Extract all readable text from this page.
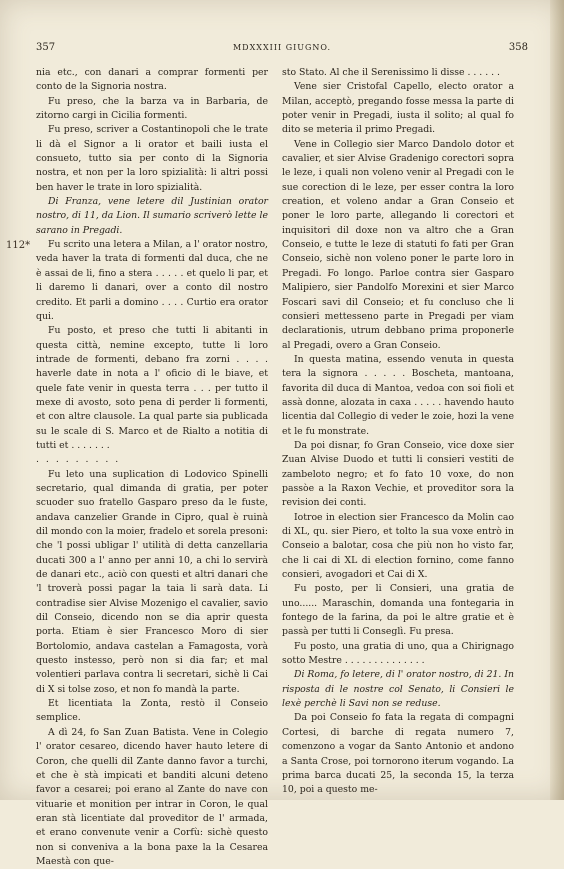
357	MDXXXIII GIUGNO.	358
112*

nia etc., con danari a comprar formenti per conto de la Signoria nostra.

Fu preso, che la barza va in Barbaria, de zitorno cargi in Cicilia formenti.

Fu preso, scriver a Costantinopoli che le trate li dà el Signor a li orator et baili iusta el consueto, tutto sia per conto di la Signoria nostra, et non per la loro spizialità: li altri possi ben haver le trate in loro spizialità.

Di Franza, vene letere dil Justinian orator nostro, di 11, da Lion. Il sumario scriverò lette le sarano in Pregadi.

Fu scrito una letera a Milan, a l' orator nostro, veda haver la trata di formenti dal duca, che ne è assai de li, fino a stera . . . . . et quelo li par, et li daremo li danari, over a conto dil nostro credito. Et parli a domino . . . . Curtio era orator qui.

Fu posto, et preso che tutti li abitanti in questa città, nemine excepto, tutte li loro intrade de formenti, debano fra zorni . . . . haverle date in nota a l' oficio di le biave, et quele fate venir in questa terra . . . per tutto il mexe di avosto, soto pena di perder li formenti, et con altre clausole. La qual parte sia publicada su le scale di S. Marco et de Rialto a notitia di tutti et . . . . . . .

. . . . . . . . .

Fu leto una suplication di Lodovico Spinelli secretario, qual dimanda di gratia, per poter scuoder suo fratello Gasparo preso da le fuste, andava canzelier Grande in Cipro, qual è ruinà dil mondo con la moier, fradelo et sorela presoni: che 'l possi ubligar l' utilità di detta canzellaria ducati 300 a l' anno per anni 10, a chi lo servirà de danari etc., aciò con questi et altri danari che 'l troverà possi pagar la taia li sarà data. Li contradise sier Alvise Mozenigo el cavalier, savio dil Conseio, dicendo non se dia aprir questa porta. Etiam è sier Francesco Moro di sier Bortolomio, andava castelan a Famagosta, vorà questo instesso, però non si dia far; et mal volentieri parlava contra li secretari, sichè li Cai di X si tolse zoso, et non fo mandà la parte.

Et licentiata la Zonta, restò il Conseio semplice.

A dì 24, fo San Zuan Batista. Vene in Colegio l' orator cesareo, dicendo haver hauto letere di Coron, che quelli dil Zante danno favor a turchi, et che è stà impicati et banditi alcuni deteno favor a cesarei; poi erano al Zante do nave con vituarie et monition per intrar in Coron, le qual eran stà licentiate dal proveditor de l' armada, et erano convenute venir a Corfù: sichè questo non si conveniva a la bona paxe la la Cesarea Maestà con que-

sto Stato. Al che il Serenissimo li disse . . . . . .

Vene sier Cristofal Capello, electo orator a Milan, acceptò, pregando fosse messa la parte di poter venir in Pregadi, iusta il solito; al qual fo dito se meteria il primo Pregadi.

Vene in Collegio sier Marco Dandolo dotor et cavalier, et sier Alvise Gradenigo corectori sopra le leze, i quali non voleno venir al Pregadi con le sue corection di le leze, per esser contra la loro creation, et voleno andar a Gran Conseio et poner le loro parte, allegando li corectori et inquisitori dil doxe non va altro che a Gran Conseio, e tutte le leze di statuti fo fati per Gran Conseio, sichè non voleno poner le parte loro in Pregadi. Fo longo. Parloe contra sier Gasparo Malipiero, sier Pandolfo Morexini et sier Marco Foscari savi dil Conseio; et fu concluso che li consieri mettesseno parte in Pregadi per viam declarationis, utrum debbano prima proponerle al Pregadi, overo a Gran Conseio.

In questa matina, essendo venuta in questa tera la signora . . . . . Boscheta, mantoana, favorita dil duca di Mantoa, vedoa con soi fioli et assà donne, alozata in caxa . . . . . havendo hauto licentia dal Collegio di veder le zoie, hozi la vene et le fu monstrate.

Da poi disnar, fo Gran Conseio, vice doxe sier Zuan Alvise Duodo et tutti li consieri vestiti de zambeloto negro; et fo fato 10 voxe, do non passòe a la Raxon Vechie, et proveditor sora la revision dei conti.

Iotroe in election sier Francesco da Molin cao di XL, qu. sier Piero, et tolto la sua voxe entrò in Conseio a balotar, cosa che più non ho visto far, che li cai di XL di election fornino, come fanno consieri, avogadori et Cai di X.

Fu posto, per li Consieri, una gratia de uno...... Maraschin, domanda una fontegaria in fontego de la farina, da poi le altre gratie et è passà per tutti li Conseglì. Fu presa.

Fu posto, una gratia di uno, qua a Chirignago sotto Mestre . . . . . . . . . . . . . .

Di Roma, fo letere, di l' orator nostro, di 21. In risposta di le nostre col Senato, li Consieri le lexè perchè li Savi non se reduse.

Da poi Conseio fo fata la regata di compagni Cortesi, di barche di regata numero 7, comenzono a vogar da Santo Antonio et andono a Santa Crose, poi tornorono iterum vogando. La prima barca ducati 25, la seconda 15, la terza 10, poi a questo me-
